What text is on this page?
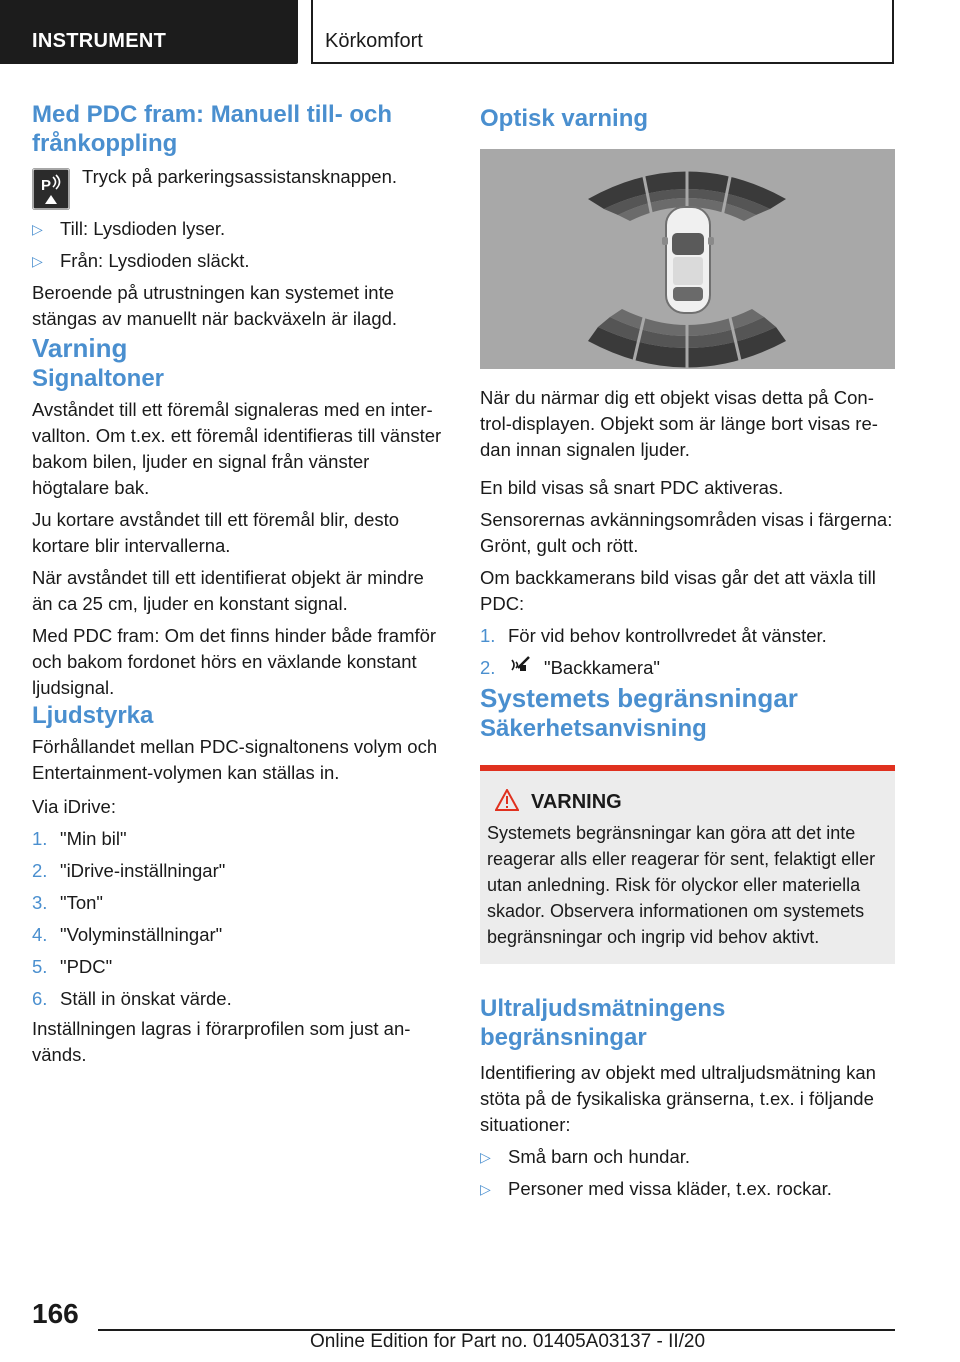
INSTRUMENT	Körkomfort
Med PDC fram: Manuell till- och frånkoppling
P Tryck på parkeringsassistansknappen.

▷ Till: Lysdioden lyser.
▷ Från: Lysdioden släckt.

Beroende på utrustningen kan systemet inte stängas av manuellt när backväxeln är ilagd.

Varning
Signaltoner

Avståndet till ett föremål signaleras med en intervallton. Om t.ex. ett föremål identifieras till vänster bakom bilen, ljuder en signal från vänster högtalare bak.

Ju kortare avståndet till ett föremål blir, desto kortare blir intervallerna.

När avståndet till ett identifierat objekt är mindre än ca 25 cm, ljuder en konstant signal.

Med PDC fram: Om det finns hinder både framför och bakom fordonet hörs en växlande konstant ljudsignal.

Ljudstyrka

Förhållandet mellan PDC-signaltonens volym och Entertainment-volymen kan ställas in.

Via iDrive:

1. "Min bil"
2. "iDrive-inställningar"
3. "Ton"
4. "Volyminställningar"
5. "PDC"
6. Ställ in önskat värde.

Inställningen lagras i förarprofilen som just används.

Optisk varning

När du närmar dig ett objekt visas detta på Control-displayen. Objekt som är länge bort visas redan innan signalen ljuder.

En bild visas så snart PDC aktiveras.

Sensorernas avkänningsområden visas i färgerna: Grönt, gult och rött.

Om backkamerans bild visas går det att växla till PDC:

1. För vid behov kontrollvredet åt vänster.
2.	"Backkamera"
Systemets begränsningar
Säkerhetsanvisning
VARNING

Systemets begränsningar kan göra att det inte reagerar alls eller reagerar för sent, felaktigt eller utan anledning. Risk för olyckor eller materiella skador. Observera informationen om systemets begränsningar och ingrip vid behov aktivt.

Ultraljudsmätningens begränsningar

Identifiering av objekt med ultraljudsmätning kan stöta på de fysikaliska gränserna, t.ex. i följande situationer:

▷ Små barn och hundar.
▷ Personer med vissa kläder, t.ex. rockar.
166
Online Edition for Part no. 01405A03137 - II/20
